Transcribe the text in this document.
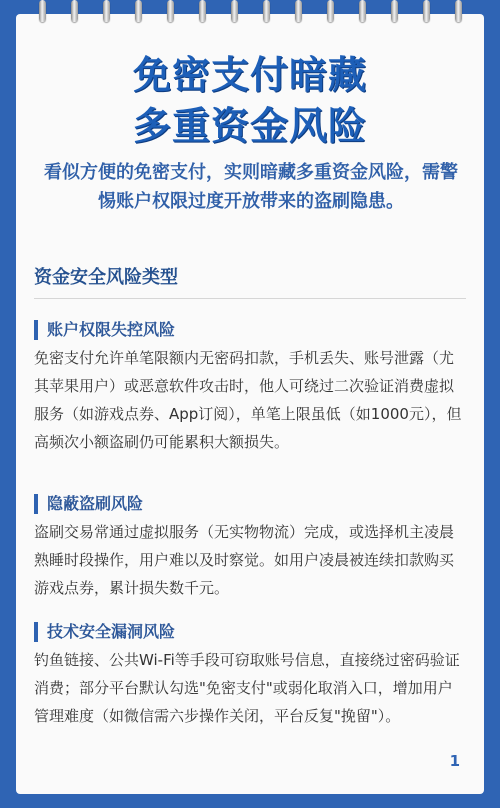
免密支付暗藏
多重资金风险
看似方便的免密支付，实则暗藏多重资金风险，需警惕账户权限过度开放带来的盗刷隐患。
资金安全风险类型
账户权限失控风险
免密支付允许单笔限额内无密码扣款，手机丢失、账号泄露（尤其苹果用户）或恶意软件攻击时，他人可绕过二次验证消费虚拟服务（如游戏点券、App订阅），单笔上限虽低（如1000元），但高频次小额盗刷仍可能累积大额损失。
隐蔽盗刷风险
盗刷交易常通过虚拟服务（无实物物流）完成，或选择机主凌晨熟睡时段操作，用户难以及时察觉。如用户凌晨被连续扣款购买游戏点券，累计损失数千元。
技术安全漏洞风险
钓鱼链接、公共Wi-Fi等手段可窃取账号信息，直接绕过密码验证消费；部分平台默认勾选"免密支付"或弱化取消入口，增加用户管理难度（如微信需六步操作关闭，平台反复"挽留"）。
1
